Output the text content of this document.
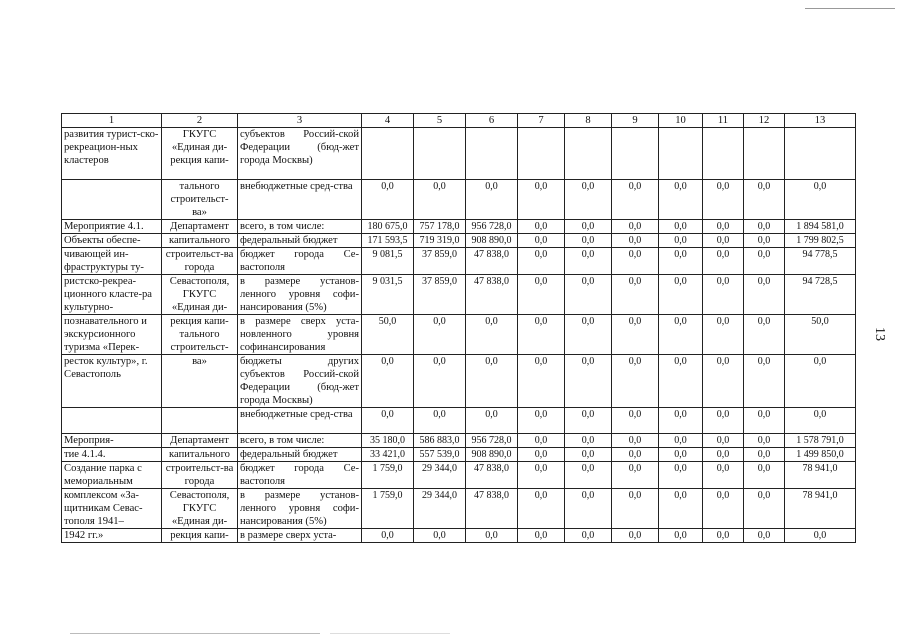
1	2	3	4	5	6	7	8	9	10	11	12	13
развития турист-ско-рекреацион-ных кластеров	ГКУГС «Единая ди-рекция капи-	субъектов Россий-ской Федерации (бюд-жет города Москвы)										
	тального строительст-ва»	внебюджетные сред-ства	0,0	0,0	0,0	0,0	0,0	0,0	0,0	0,0	0,0	0,0
Мероприятие 4.1.	Департамент	всего, в том числе:	180 675,0	757 178,0	956 728,0	0,0	0,0	0,0	0,0	0,0	0,0	1 894 581,0
Объекты обеспе-	капитального	федеральный бюджет	171 593,5	719 319,0	908 890,0	0,0	0,0	0,0	0,0	0,0	0,0	1 799 802,5
чивающей ин-фраструктуры ту-	строительст-ва города	бюджет города Се-вастополя	9 081,5	37 859,0	47 838,0	0,0	0,0	0,0	0,0	0,0	0,0	94 778,5
ристско-рекреа-ционного класте-ра культурно-	Севастополя, ГКУГС «Единая ди-	в размере установ-ленного уровня софи-нансирования (5%)	9 031,5	37 859,0	47 838,0	0,0	0,0	0,0	0,0	0,0	0,0	94 728,5
познавательного и экскурсионного туризма «Перек-	рекция капи-тального строительст-	в размере сверх уста-новленного уровня софинансирования	50,0	0,0	0,0	0,0	0,0	0,0	0,0	0,0	0,0	50,0
ресток культур», г. Севастополь	ва»	бюджеты других субъектов Россий-ской Федерации (бюд-жет города Москвы)	0,0	0,0	0,0	0,0	0,0	0,0	0,0	0,0	0,0	0,0
		внебюджетные сред-ства	0,0	0,0	0,0	0,0	0,0	0,0	0,0	0,0	0,0	0,0
Мероприя-	Департамент	всего, в том числе:	35 180,0	586 883,0	956 728,0	0,0	0,0	0,0	0,0	0,0	0,0	1 578 791,0
тие 4.1.4.	капитального	федеральный бюджет	33 421,0	557 539,0	908 890,0	0,0	0,0	0,0	0,0	0,0	0,0	1 499 850,0
Создание парка с мемориальным	строительст-ва города	бюджет города Се-вастополя	1 759,0	29 344,0	47 838,0	0,0	0,0	0,0	0,0	0,0	0,0	78 941,0
комплексом «За-щитникам Севас-тополя 1941–	Севастополя, ГКУГС «Единая ди-	в размере установ-ленного уровня софи-нансирования (5%)	1 759,0	29 344,0	47 838,0	0,0	0,0	0,0	0,0	0,0	0,0	78 941,0
1942 гг.»	рекция капи-	в размере сверх уста-	0,0	0,0	0,0	0,0	0,0	0,0	0,0	0,0	0,0	0,0
13
